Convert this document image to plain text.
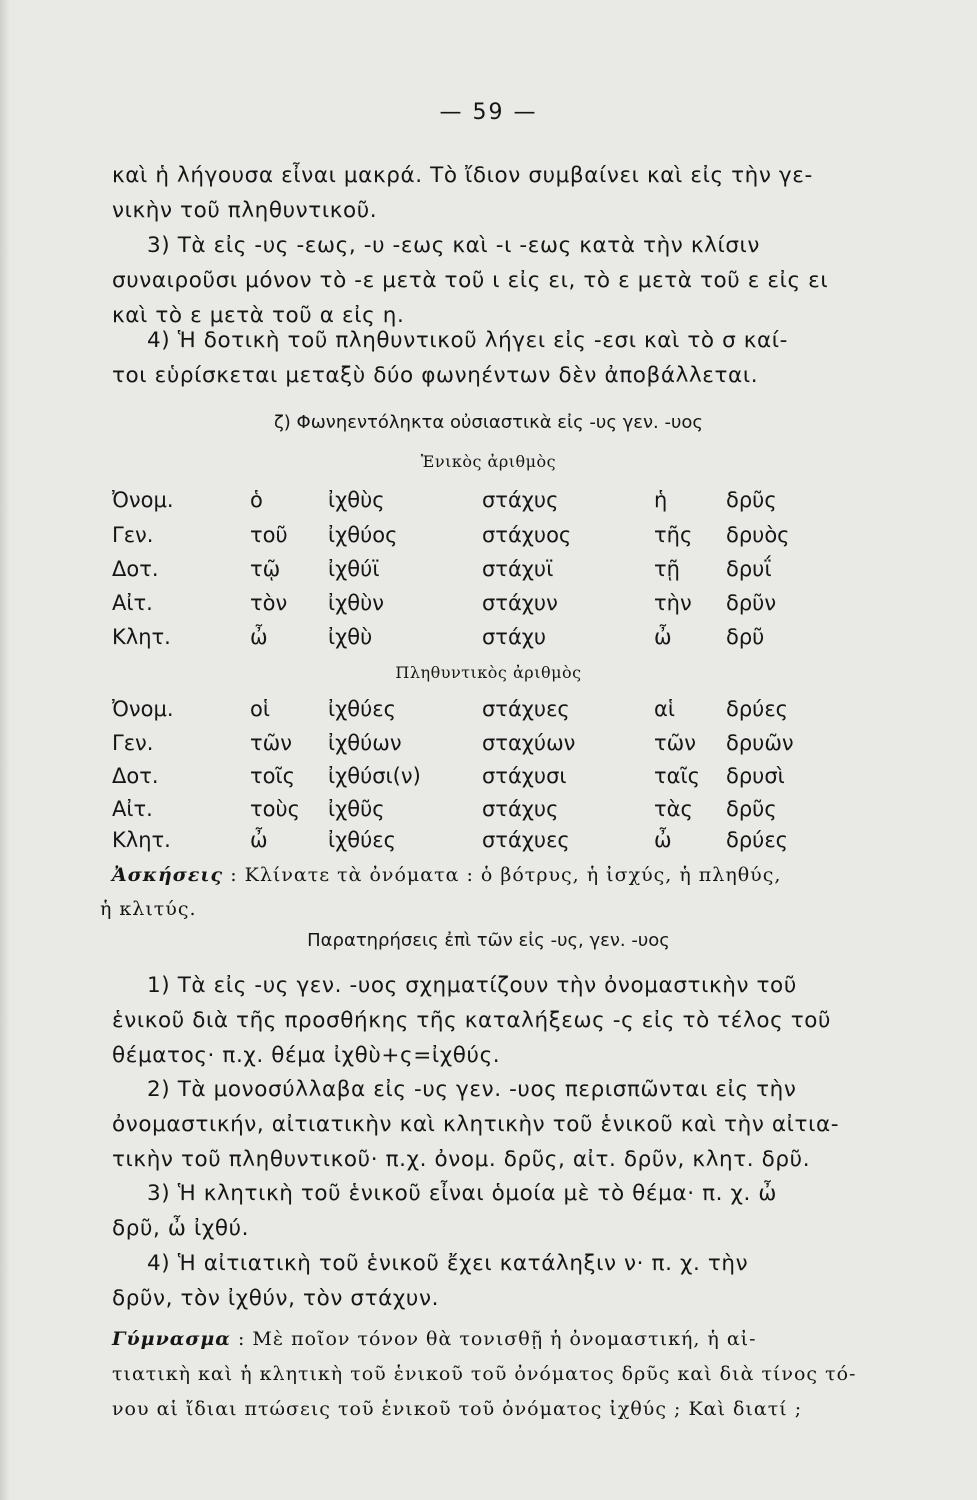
— 59 —
καὶ ἡ λήγουσα εἶναι μακρά. Τὸ ἴδιον συμβαίνει καὶ εἰς τὴν γε-
νικὴν τοῦ πληθυντικοῦ.
3) Τὰ εἰς -υς -εως, -υ -εως καὶ -ι -εως κατὰ τὴν κλίσιν
συναιροῦσι μόνον τὸ -ε μετὰ τοῦ ι εἰς ει, τὸ ε μετὰ τοῦ ε εἰς ει
καὶ τὸ ε μετὰ τοῦ α εἰς η.
4) Ἡ δοτικὴ τοῦ πληθυντικοῦ λήγει εἰς -εσι καὶ τὸ σ καί-
τοι εὑρίσκεται μεταξὺ δύο φωνηέντων δὲν ἀποβάλλεται.
ζ) Φωνηεντόληκτα οὐσιαστικὰ εἰς -υς γεν. -υος
Ἑνικὸς ἀριθμὸς
Ὀνομ.	ὁ	ἰχθὺς	στάχυς	ἡ	δρῦς
Γεν.	τοῦ ἰχθύος	στάχυος	τῆς δρυὸς
Δοτ.	τῷ ἰχθύϊ	στάχυϊ	τῇ δρυΐ
Αἰτ.	τὸν ἰχθὺν	στάχυν	τὴν δρῦν
Κλητ.	ὦ	ἰχθὺ	στάχυ	ὦ	δρῦ
Πληθυντικὸς ἀριθμὸς
Ὀνομ.	οἱ	ἰχθύες	στάχυες	αἱ δρύες
Γεν.	τῶν ἰχθύων	σταχύων	τῶν δρυῶν
Δοτ.	τοῖς ἰχθύσι(ν)	στάχυσι	ταῖς δρυσὶ
Αἰτ.	τοὺς ἰχθῦς	στάχυς	τὰς δρῦς
Κλητ.	ὦ	ἰχθύες	στάχυες	ὦ	δρύες
Ἀσκήσεις : Κλίνατε τὰ ὀνόματα : ὁ βότρυς, ἡ ἰσχύς, ἡ πληθύς,
ἡ κλιτύς.
Παρατηρήσεις ἐπὶ τῶν εἰς -υς, γεν. -υος
1) Τὰ εἰς -υς γεν. -υος σχηματίζουν τὴν ὀνομαστικὴν τοῦ
ἑνικοῦ διὰ τῆς προσθήκης τῆς καταλήξεως -ς εἰς τὸ τέλος τοῦ
θέματος· π.χ. θέμα ἰχθὺ+ς=ἰχθύς.
2) Τὰ μονοσύλλαβα εἰς -υς γεν. -υος περισπῶνται εἰς τὴν
ὀνομαστικήν, αἰτιατικὴν καὶ κλητικὴν τοῦ ἑνικοῦ καὶ τὴν αἰτια-
τικὴν τοῦ πληθυντικοῦ· π.χ. ὀνομ. δρῦς, αἰτ. δρῦν, κλητ. δρῦ.
3) Ἡ κλητικὴ τοῦ ἑνικοῦ εἶναι ὁμοία μὲ τὸ θέμα· π. χ. ὦ
δρῦ, ὦ ἰχθύ.
4) Ἡ αἰτιατικὴ τοῦ ἑνικοῦ ἔχει κατάληξιν ν· π. χ. τὴν
δρῦν, τὸν ἰχθύν, τὸν στάχυν.
Γύμνασμα : Μὲ ποῖον τόνον θὰ τονισθῇ ἡ ὀνομαστική, ἡ αἰ-
τιατικὴ καὶ ἡ κλητικὴ τοῦ ἑνικοῦ τοῦ ὀνόματος δρῦς καὶ διὰ τίνος τό-
νου αἱ ἴδιαι πτώσεις τοῦ ἑνικοῦ τοῦ ὀνόματος ἰχθύς ; Καὶ διατί ;
